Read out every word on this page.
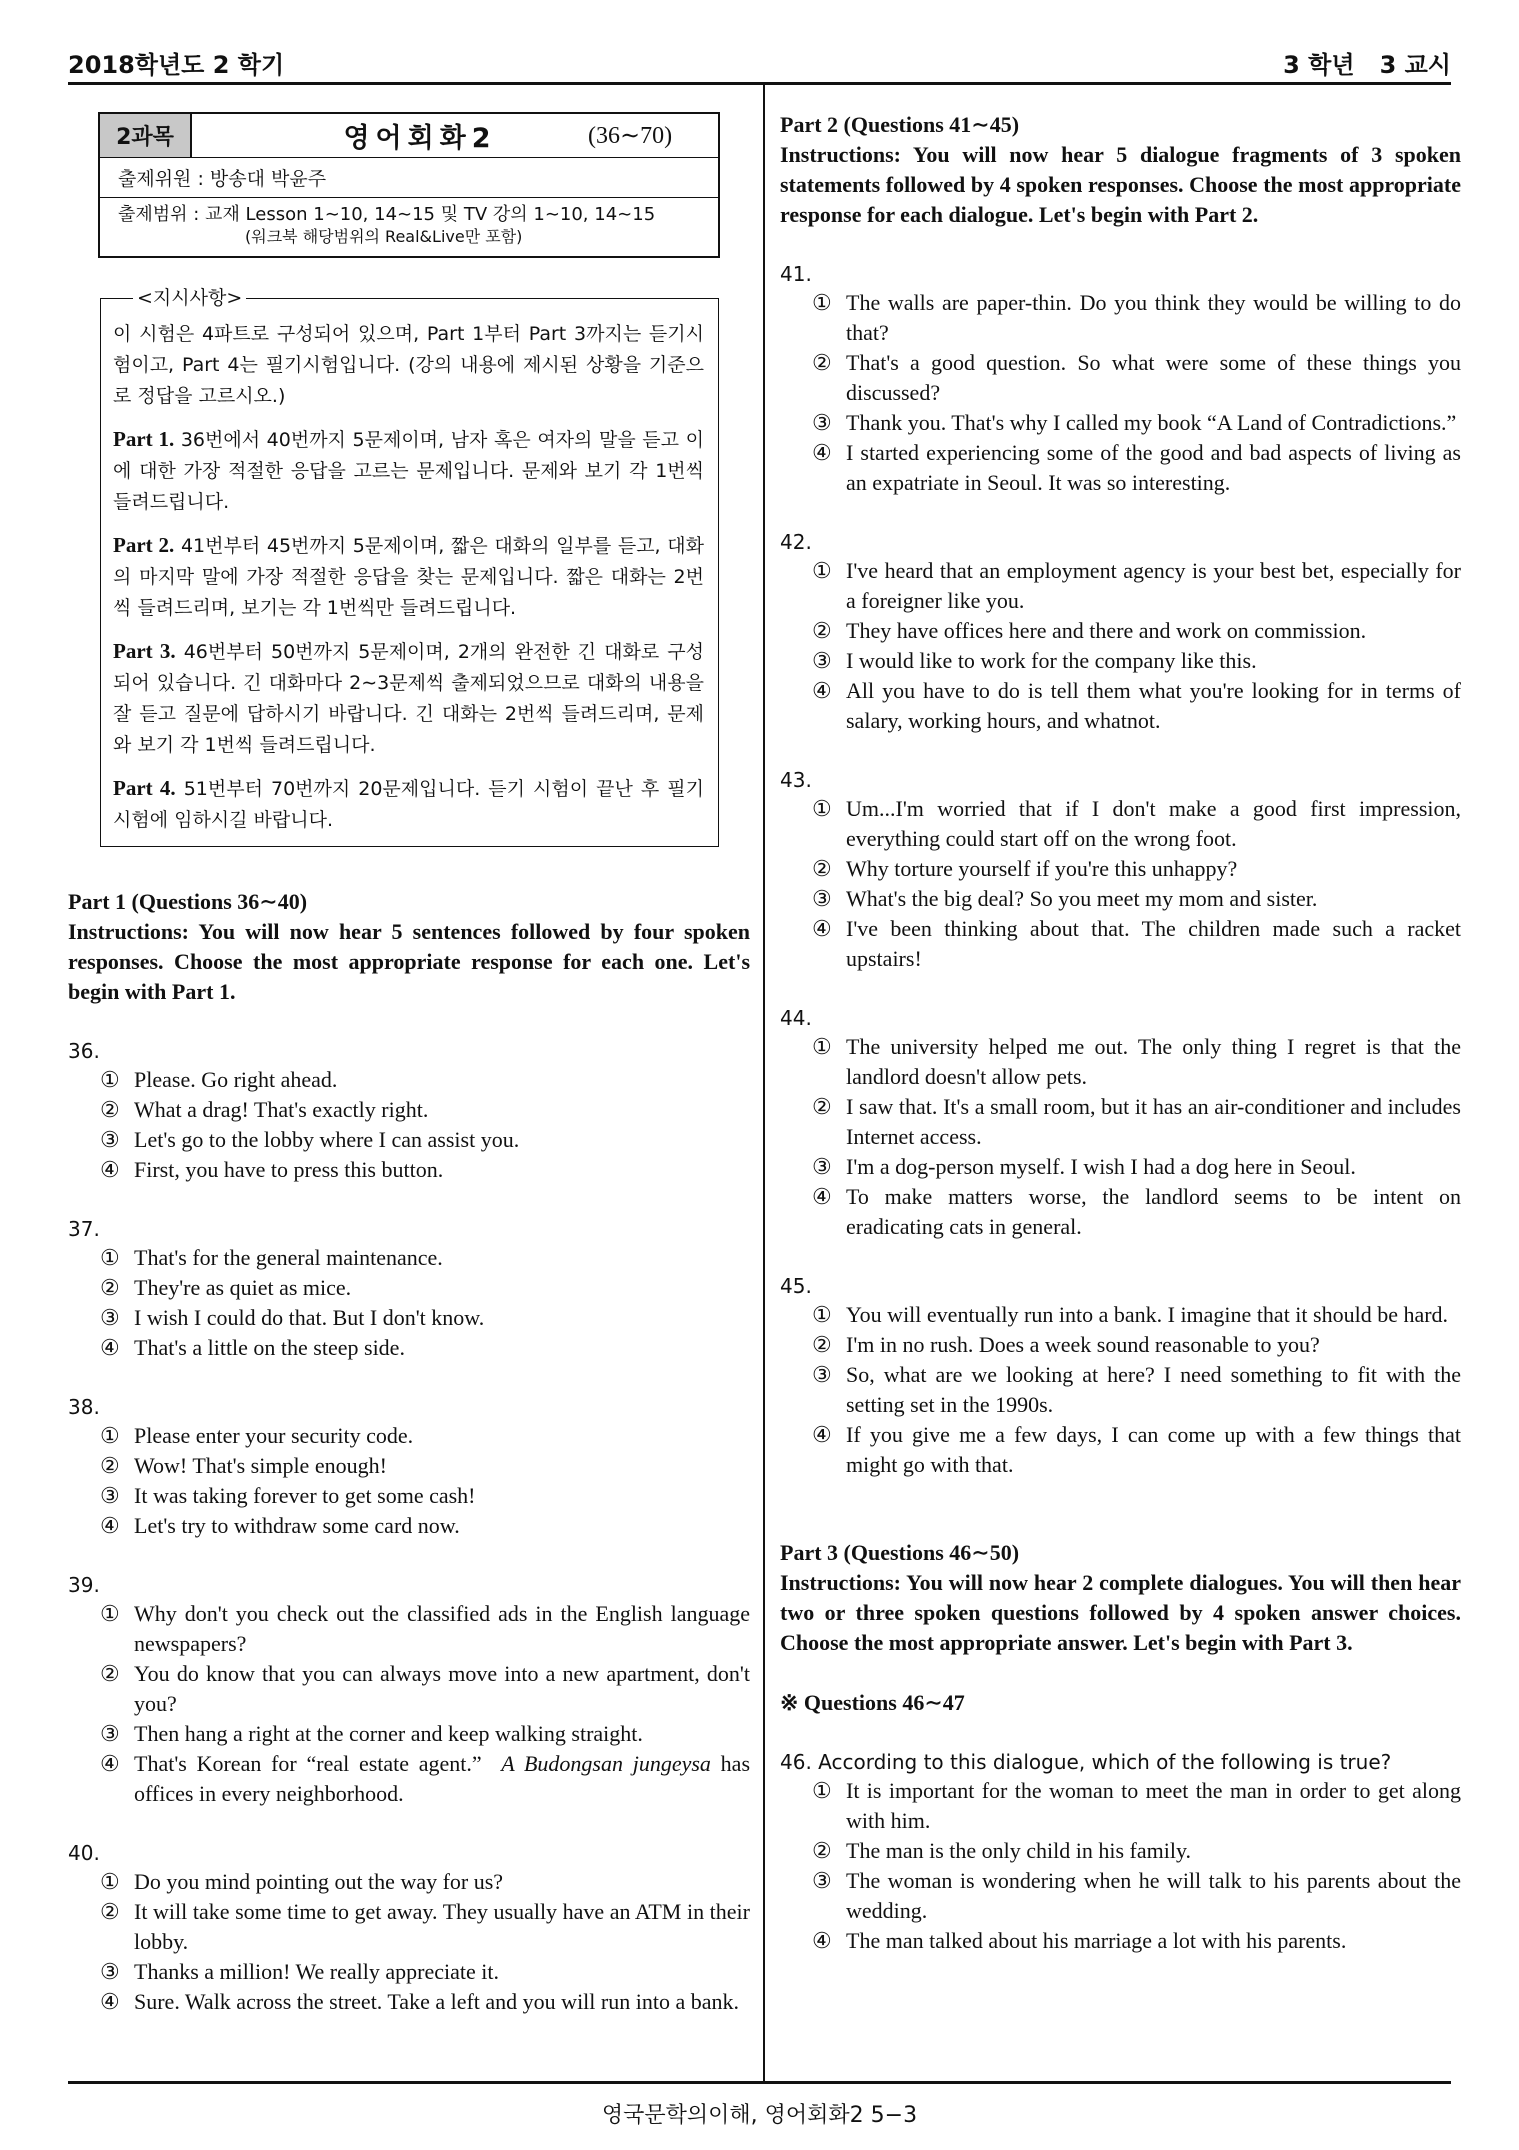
2018학년도 2 학기	3 학년   3 교시
영국문학의이해, 영어회화2 5−3
2과목	영어회화2	(36∼70)
출제위원 : 방송대 박윤주
출제범위 : 교재 Lesson 1∼10, 14∼15 및 TV 강의 1∼10, 14∼15
(워크북 해당범위의 Real&Live만 포함)
<지시사항>

이 시험은 4파트로 구성되어 있으며, Part 1부터 Part 3까지는 듣기시험이고, Part 4는 필기시험입니다. (강의 내용에 제시된 상황을 기준으로 정답을 고르시오.)

Part 1. 36번에서 40번까지 5문제이며, 남자 혹은 여자의 말을 듣고 이에 대한 가장 적절한 응답을 고르는 문제입니다. 문제와 보기 각 1번씩 들려드립니다.

Part 2. 41번부터 45번까지 5문제이며, 짧은 대화의 일부를 듣고, 대화의 마지막 말에 가장 적절한 응답을 찾는 문제입니다. 짧은 대화는 2번씩 들려드리며, 보기는 각 1번씩만 들려드립니다.

Part 3. 46번부터 50번까지 5문제이며, 2개의 완전한 긴 대화로 구성되어 있습니다. 긴 대화마다 2∼3문제씩 출제되었으므로 대화의 내용을 잘 듣고 질문에 답하시기 바랍니다. 긴 대화는 2번씩 들려드리며, 문제와 보기 각 1번씩 들려드립니다.

Part 4. 51번부터 70번까지 20문제입니다. 듣기 시험이 끝난 후 필기시험에 임하시길 바랍니다.

Part 1 (Questions 36∼40)
Instructions: You will now hear 5 sentences followed by four spoken responses. Choose the most appropriate response for each one. Let's begin with Part 1.
36.
① Please. Go right ahead.
② What a drag! That's exactly right.
③ Let's go to the lobby where I can assist you.
④ First, you have to press this button.
37.
① That's for the general maintenance.
② They're as quiet as mice.
③ I wish I could do that. But I don't know.
④ That's a little on the steep side.
38.
① Please enter your security code.
② Wow! That's simple enough!
③ It was taking forever to get some cash!
④ Let's try to withdraw some card now.
39.
① Why don't you check out the classified ads in the English language newspapers?
② You do know that you can always move into a new apartment, don't you?
③ Then hang a right at the corner and keep walking straight.
④ That's Korean for “real estate agent.”  A Budongsan jungeysa has offices in every neighborhood.
40.
① Do you mind pointing out the way for us?
② It will take some time to get away. They usually have an ATM in their lobby.
③ Thanks a million! We really appreciate it.
④ Sure. Walk across the street. Take a left and you will run into a bank.
Part 2 (Questions 41∼45)
Instructions: You will now hear 5 dialogue fragments of 3 spoken statements followed by 4 spoken responses. Choose the most appropriate response for each dialogue. Let's begin with Part 2.
41.
① The walls are paper-thin. Do you think they would be willing to do that?
② That's a good question. So what were some of these things you discussed?
③ Thank you. That's why I called my book “A Land of Contradictions.”
④ I started experiencing some of the good and bad aspects of living as an expatriate in Seoul. It was so interesting.
42.
① I've heard that an employment agency is your best bet, especially for a foreigner like you.
② They have offices here and there and work on commission.
③ I would like to work for the company like this.
④ All you have to do is tell them what you're looking for in terms of salary, working hours, and whatnot.
43.
① Um...I'm worried that if I don't make a good first impression, everything could start off on the wrong foot.
② Why torture yourself if you're this unhappy?
③ What's the big deal? So you meet my mom and sister.
④ I've been thinking about that. The children made such a racket upstairs!
44.
① The university helped me out. The only thing I regret is that the landlord doesn't allow pets.
② I saw that. It's a small room, but it has an air-conditioner and includes Internet access.
③ I'm a dog-person myself. I wish I had a dog here in Seoul.
④ To make matters worse, the landlord seems to be intent on eradicating cats in general.
45.
① You will eventually run into a bank. I imagine that it should be hard.
② I'm in no rush. Does a week sound reasonable to you?
③ So, what are we looking at here? I need something to fit with the setting set in the 1990s.
④ If you give me a few days, I can come up with a few things that might go with that.
Part 3 (Questions 46∼50)
Instructions: You will now hear 2 complete dialogues. You will then hear two or three spoken questions followed by 4 spoken answer choices. Choose the most appropriate answer. Let's begin with Part 3.
※ Questions 46∼47
46. According to this dialogue, which of the following is true?
① It is important for the woman to meet the man in order to get along with him.
② The man is the only child in his family.
③ The woman is wondering when he will talk to his parents about the wedding.
④ The man talked about his marriage a lot with his parents.
